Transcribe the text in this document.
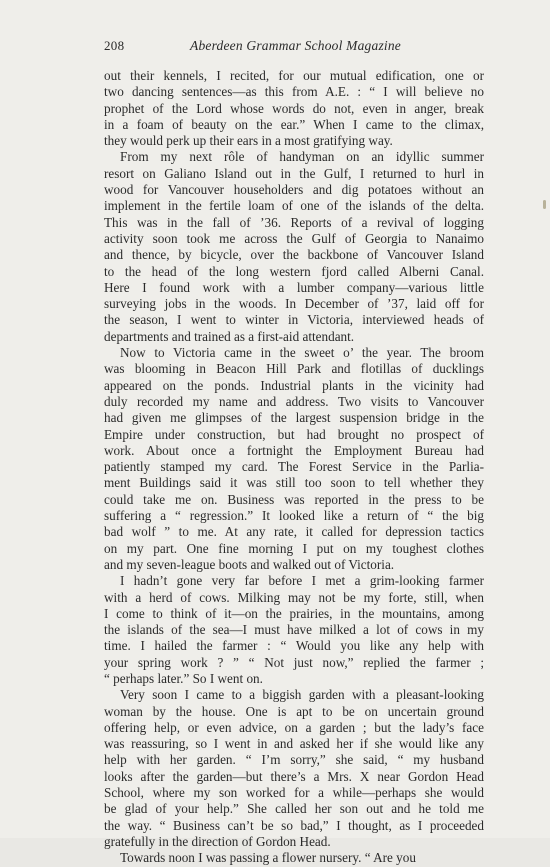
208	Aberdeen Grammar School Magazine
out their kennels, I recited, for our mutual edification, one or
two dancing sentences—as this from A.E. : “ I will believe no
prophet of the Lord whose words do not, even in anger, break
in a foam of beauty on the ear.” When I came to the climax,
they would perk up their ears in a most gratifying way.
From my next rôle of handyman on an idyllic summer
resort on Galiano Island out in the Gulf, I returned to hurl in
wood for Vancouver householders and dig potatoes without an
implement in the fertile loam of one of the islands of the delta.
This was in the fall of ’36. Reports of a revival of logging
activity soon took me across the Gulf of Georgia to Nanaimo
and thence, by bicycle, over the backbone of Vancouver Island
to the head of the long western fjord called Alberni Canal.
Here I found work with a lumber company—various little
surveying jobs in the woods. In December of ’37, laid off for
the season, I went to winter in Victoria, interviewed heads of
departments and trained as a first-aid attendant.
Now to Victoria came in the sweet o’ the year. The broom
was blooming in Beacon Hill Park and flotillas of ducklings
appeared on the ponds. Industrial plants in the vicinity had
duly recorded my name and address. Two visits to Vancouver
had given me glimpses of the largest suspension bridge in the
Empire under construction, but had brought no prospect of
work. About once a fortnight the Employment Bureau had
patiently stamped my card. The Forest Service in the Parlia-
ment Buildings said it was still too soon to tell whether they
could take me on. Business was reported in the press to be
suffering a “ regression.” It looked like a return of “ the big
bad wolf ” to me. At any rate, it called for depression tactics
on my part. One fine morning I put on my toughest clothes
and my seven-league boots and walked out of Victoria.
I hadn’t gone very far before I met a grim-looking farmer
with a herd of cows. Milking may not be my forte, still, when
I come to think of it—on the prairies, in the mountains, among
the islands of the sea—I must have milked a lot of cows in my
time. I hailed the farmer : “ Would you like any help with
your spring work ? ” “ Not just now,” replied the farmer ;
“ perhaps later.” So I went on.
Very soon I came to a biggish garden with a pleasant-looking
woman by the house. One is apt to be on uncertain ground
offering help, or even advice, on a garden ; but the lady’s face
was reassuring, so I went in and asked her if she would like any
help with her garden. “ I’m sorry,” she said, “ my husband
looks after the garden—but there’s a Mrs. X near Gordon Head
School, where my son worked for a while—perhaps she would
be glad of your help.” She called her son out and he told me
the way. “ Business can’t be so bad,” I thought, as I proceeded
gratefully in the direction of Gordon Head.
Towards noon I was passing a flower nursery. “ Are you
